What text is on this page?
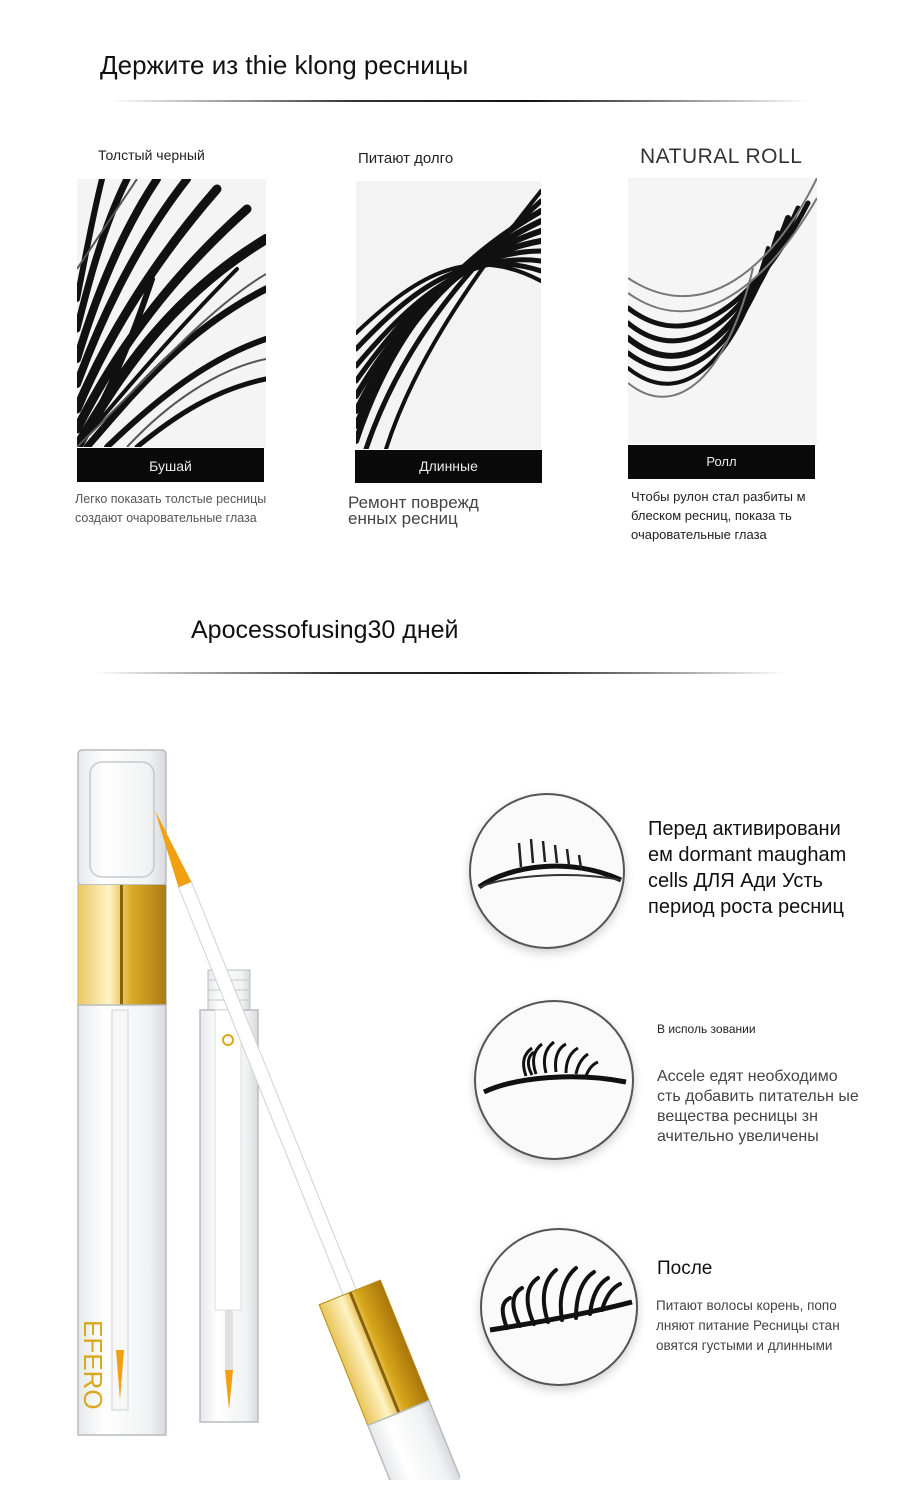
Держите из thie klong ресницы
Толстый черный
Бушай
Легко показать толстые ресницы создают очаровательные глаза
Питают долго
Длинные
Ремонт поврежд енных ресниц
NATURAL ROLL
Ролл
Чтобы рулон стал разбиты м блеском ресниц, показа ть очаровательные глаза
Apocessofusing30 дней
EFERO
Перед активировани ем dormant maugham cells ДЛЯ Ади Усть период роста ресниц
В исполь зовании
Accele едят необходимо сть добавить питательн ые вещества ресницы зн ачительно увеличены
После
Питают волосы корень, попо лняют питание Ресницы стан овятся густыми и длинными
